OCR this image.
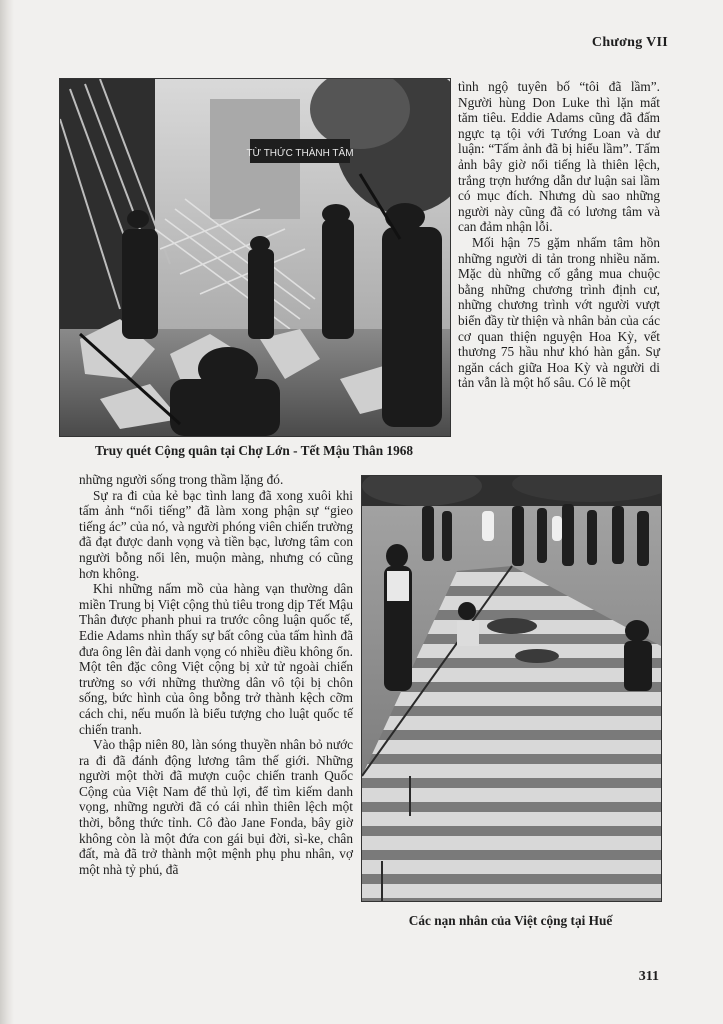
Chương VII
TỪ THỨC THÀNH TÂM
Truy quét Cộng quân tại Chợ Lớn - Tết Mậu Thân 1968

tình ngộ tuyên bố “tôi đã lầm”. Người hùng Don Luke thì lặn mất tăm tiêu. Eddie Adams cũng đã đấm ngực tạ tội với Tướng Loan và dư luận: “Tấm ảnh đã bị hiểu lầm”. Tấm ảnh bây giờ nổi tiếng là thiên lệch, trắng trợn hướng dẫn dư luận sai lầm có mục đích. Nhưng dù sao những người này cũng đã có lương tâm và can đảm nhận lỗi.

Mối hận 75 gặm nhấm tâm hồn những người di tản trong nhiều năm. Mặc dù những cố gắng mua chuộc bằng những chương trình định cư, những chương trình vớt người vượt biển đầy từ thiện và nhân bản của các cơ quan thiện nguyện Hoa Kỳ, vết thương 75 hầu như khó hàn gắn. Sự ngăn cách giữa Hoa Kỳ và người di tản vẫn là một hố sâu. Có lẽ một

những người sống trong thầm lặng đó.

Sự ra đi của kẻ bạc tình lang đã xong xuôi khi tấm ảnh “nổi tiếng” đã làm xong phận sự “gieo tiếng ác” của nó, và người phóng viên chiến trường đã đạt được danh vọng và tiền bạc, lương tâm con người bỗng nổi lên, muộn màng, nhưng có cũng hơn không.

Khi những nấm mồ của hàng vạn thường dân miền Trung bị Việt cộng thủ tiêu trong dịp Tết Mậu Thân được phanh phui ra trước công luận quốc tế, Edie Adams nhìn thấy sự bất công của tấm hình đã đưa ông lên đài danh vọng có nhiều điều không ổn. Một tên đặc công Việt cộng bị xử tử ngoài chiến trường so với những thường dân vô tội bị chôn sống, bức hình của ông bỗng trở thành kệch cỡm cách chi, nếu muốn là biểu tượng cho luật quốc tế chiến tranh.

Vào thập niên 80, làn sóng thuyền nhân bỏ nước ra đi đã đánh động lương tâm thế giới. Những người một thời đã mượn cuộc chiến tranh Quốc Cộng của Việt Nam để thủ lợi, để tìm kiếm danh vọng, những người đã có cái nhìn thiên lệch một thời, bỗng thức tỉnh. Cô đào Jane Fonda, bây giờ không còn là một đứa con gái bụi đời, sì-ke, chân đất, mà đã trở thành một mệnh phụ phu nhân, vợ một nhà tỷ phú, đã

Các nạn nhân của Việt cộng tại Huế
311
